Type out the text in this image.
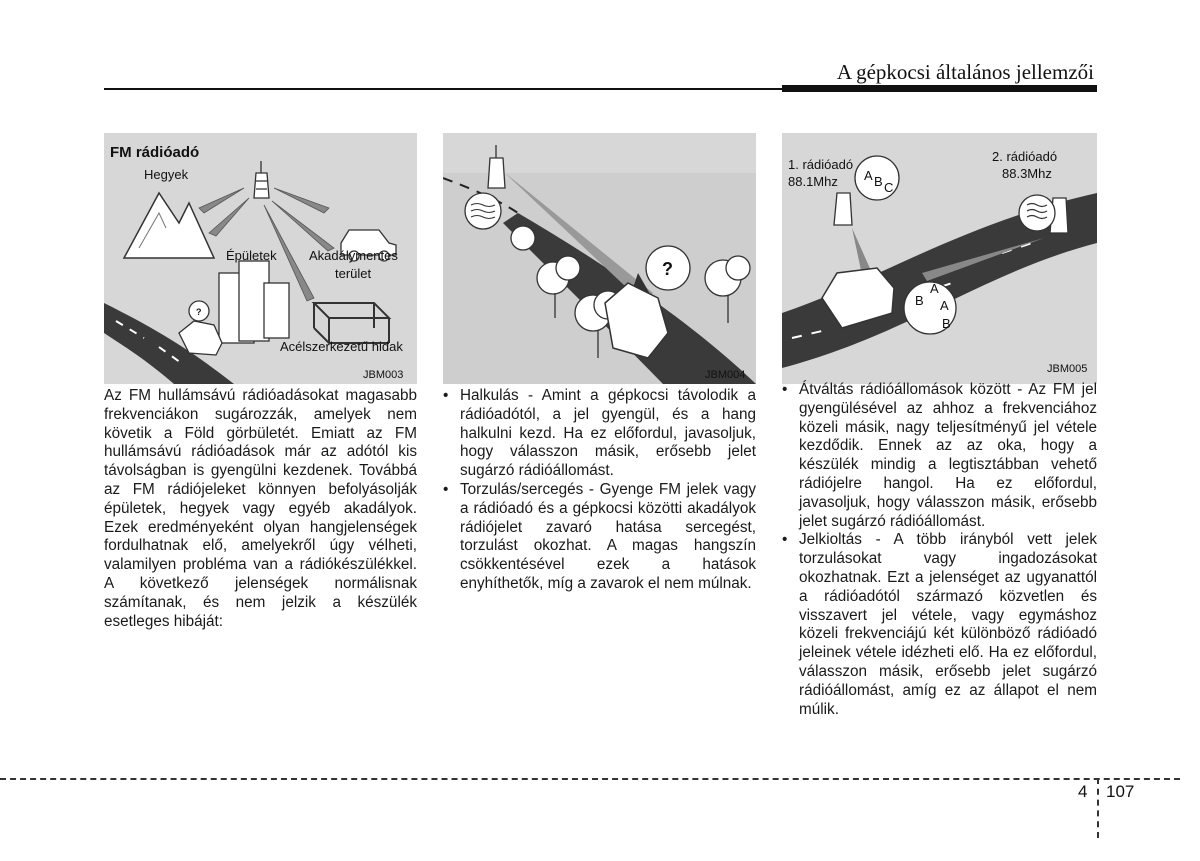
A gépkocsi általános jellemzői
?
FM rádióadó
Hegyek
Épületek Akadálymentes
terület
Acélszerkezetű hidak
JBM003
?
JBM004
A B C
B
A
A
B
1. rádióadó
88.1Mhz
2. rádióadó
88.3Mhz
JBM005
Az FM hullámsávú rádióadásokat magasabb frekvenciákon sugározzák, amelyek nem követik a Föld görbületét. Emiatt az FM hullámsávú rádióadások már az adótól kis távolságban is gyengülni kezdenek. Továbbá az FM rádiójeleket könnyen befolyásolják épületek, hegyek vagy egyéb akadályok. Ezek eredményeként olyan hangjelenségek fordulhatnak elő, amelyekről úgy vélheti, valamilyen probléma van a rádiókészülékkel. A következő jelenségek normálisnak számítanak, és nem jelzik a készülék esetleges hibáját:
• Halkulás - Amint a gépkocsi távolodik a rádióadótól, a jel gyengül, és a hang halkulni kezd. Ha ez előfordul, javasoljuk, hogy válasszon másik, erősebb jelet sugárzó rádióállomást.
• Torzulás/sercegés - Gyenge FM jelek vagy a rádióadó és a gépkocsi közötti akadályok rádiójelet zavaró hatása sercegést, torzulást okozhat. A magas hangszín csökkentésével ezek a hatások enyhíthetők, míg a zavarok el nem múlnak.
• Átváltás rádióállomások között - Az FM jel gyengülésével az ahhoz a frekvenciához közeli másik, nagy teljesítményű jel vétele kezdődik. Ennek az az oka, hogy a készülék mindig a legtisztábban vehető rádiójelre hangol. Ha ez előfordul, javasoljuk, hogy válasszon másik, erősebb jelet sugárzó rádióállomást.
• Jelkioltás - A több irányból vett jelek torzulásokat vagy ingadozásokat okozhatnak. Ezt a jelenséget az ugyanattól a rádióadótól származó közvetlen és visszavert jel vétele, vagy egymáshoz közeli frekvenciájú két különböző rádióadó jeleinek vétele idézheti elő. Ha ez előfordul, válasszon másik, erősebb jelet sugárzó rádióállomást, amíg ez az állapot el nem múlik.
4 107
